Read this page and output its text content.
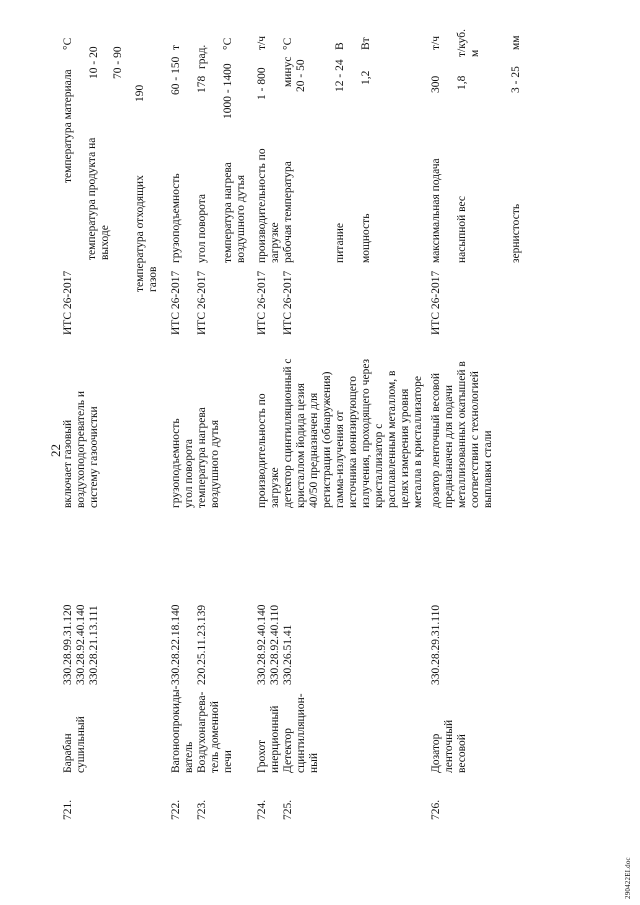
22
290422EI.doc
721.
Барабан сушильный
330.28.99.31.120 330.28.92.40.140 330.28.21.13.111
включает газовый воздухоподогреватель и систему газоочистки
ИТС 26-2017
температура материала
°C
10 - 20
температура продукта на выходе
70 - 90
температура отходящих газов
190
722.
Вагоноопрокиды- ватель
330.28.22.18.140
грузоподъемность угол поворота
ИТС 26-2017
грузоподъемность
т
60 - 150
угол поворота
град.
178
723.
Воздухонагрева- тель доменной печи
220.25.11.23.139
температура нагрева воздушного дутья
ИТС 26-2017
температура нагрева воздушного дутья
°C
1000 - 1400
724.
Грохот инерционный
330.28.92.40.140 330.28.92.40.110
производительность по загрузке
ИТС 26-2017
производительность по загрузке
т/ч
1 - 800
725.
Детектор сцинтилляцион- ный
330.26.51.41
детектор сцинтилляционный с кристаллом йодида цезия 40/50 предназначен для регистрации (обнаружения) гамма-излучения от источника ионизирующего излучения, проходящего через кристаллизатор с расплавленным металлом, в целях измерения уровня металла в кристаллизаторе
ИТС 26-2017
рабочая температура
°C
минус 20 - 50
питание
В
12 - 24
мощность
Вт
1,2
726.
Дозатор ленточный весовой
330.28.29.31.110
дозатор ленточный весовой предназначен для подачи металлизованных окатышей в соответствии с технологией выплавки стали
ИТС 26-2017
максимальная подача
т/ч
300
насыпной вес
т/куб. м
1,8
зернистость
мм
3 - 25
